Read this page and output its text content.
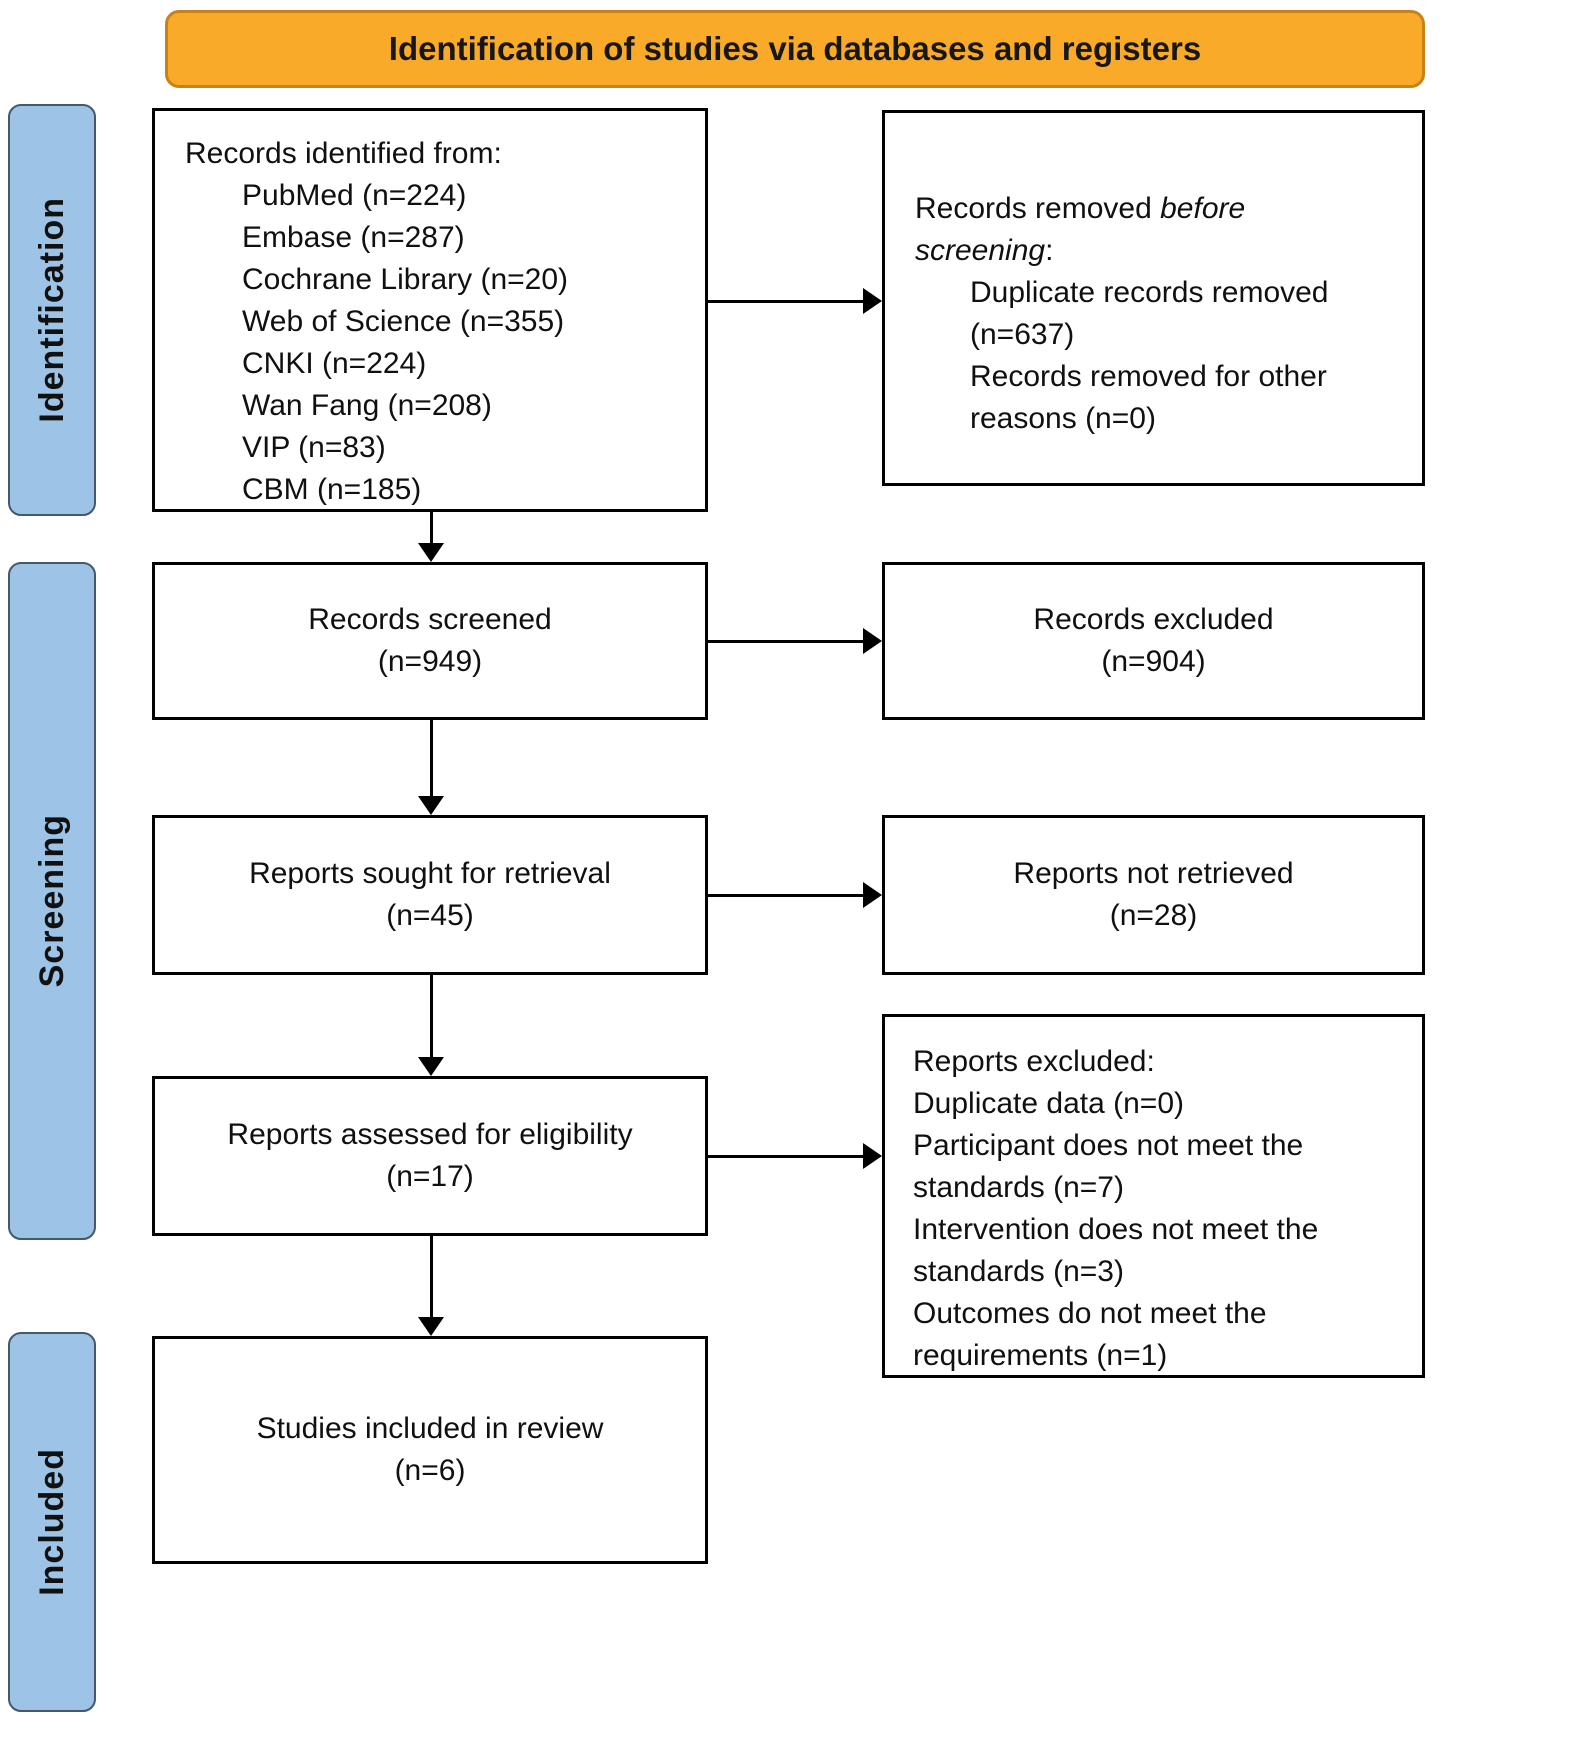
Identification of studies via databases and registers
Identification
Screening
Included
Records identified from:
PubMed (n=224)
Embase (n=287)
Cochrane Library (n=20)
Web of Science (n=355)
CNKI (n=224)
Wan Fang (n=208)
VIP (n=83)
CBM (n=185)
Records screened
(n=949)
Reports sought for retrieval
(n=45)
Reports assessed for eligibility
(n=17)
Studies included in review
(n=6)
Records removed before screening:
Duplicate records removed (n=637)
Records removed for other reasons (n=0)
Records excluded
(n=904)
Reports not retrieved
(n=28)
Reports excluded:
Duplicate data (n=0)
Participant does not meet the standards (n=7)
Intervention does not meet the standards (n=3)
Outcomes do not meet the requirements (n=1)
